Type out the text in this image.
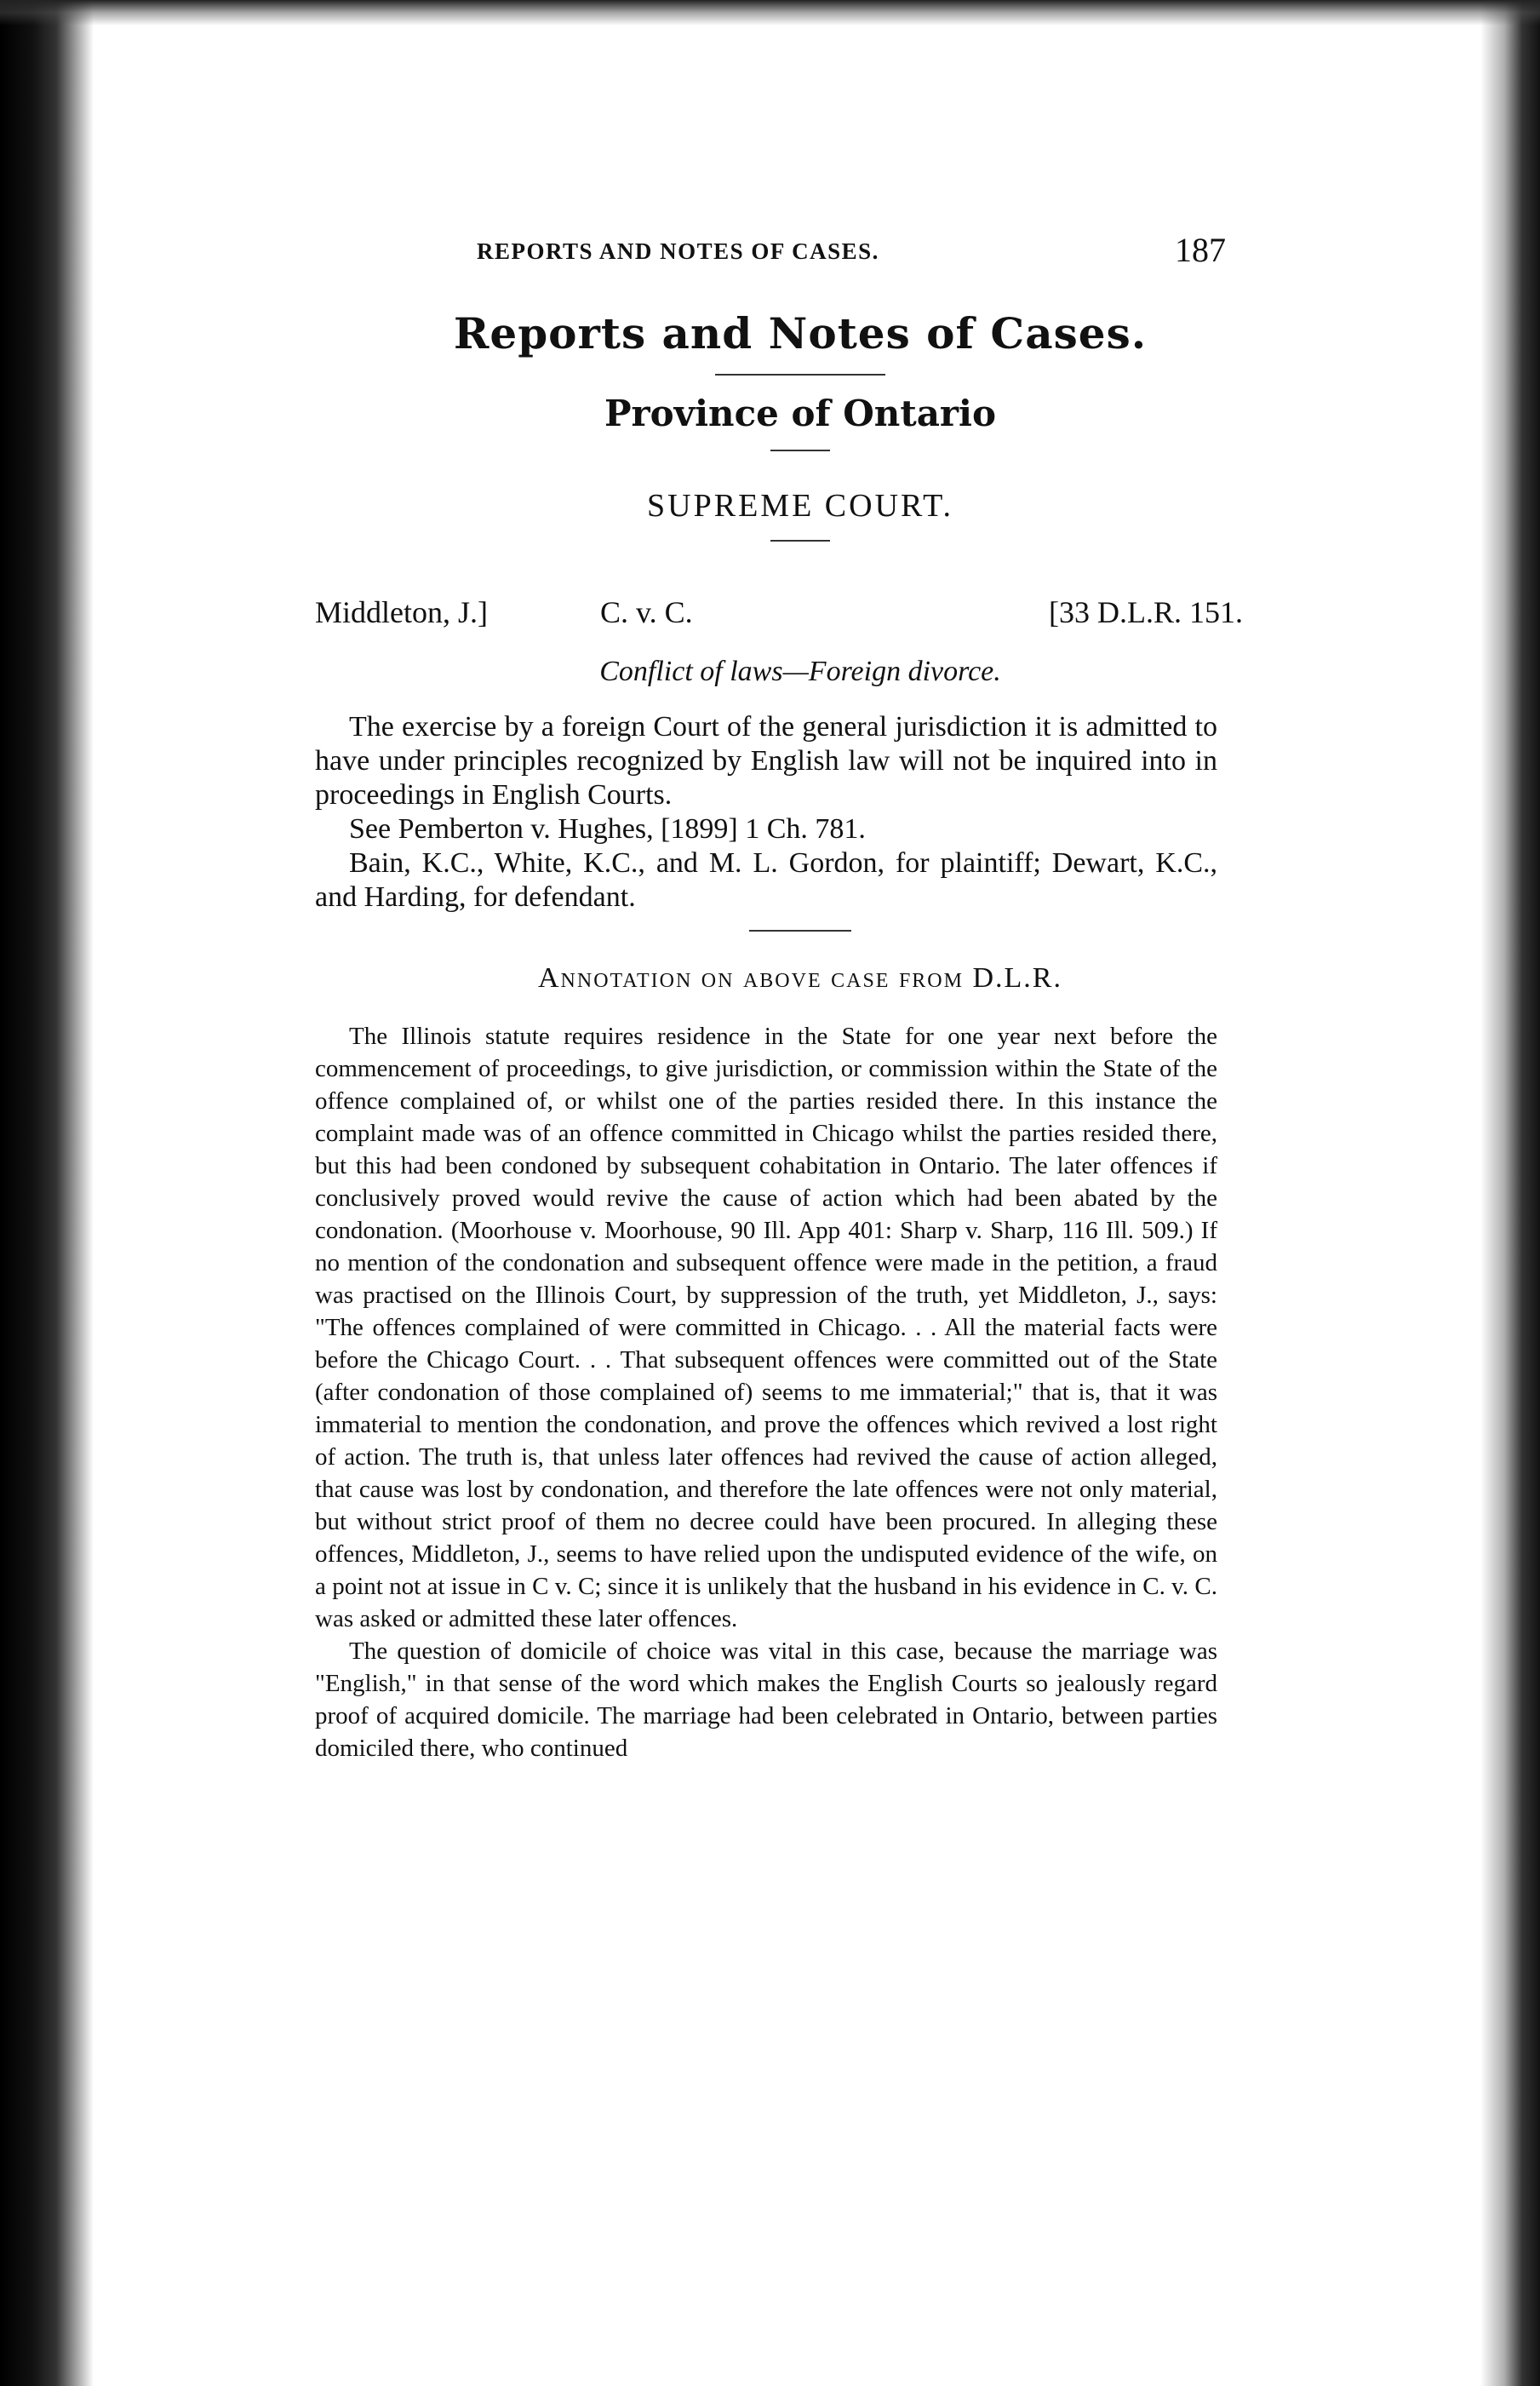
REPORTS AND NOTES OF CASES.	187
Reports and Notes of Cases.
Province of Ontario
SUPREME COURT.
Middleton, J.]	C. v. C.	[33 D.L.R. 151.
Conflict of laws—Foreign divorce.
The exercise by a foreign Court of the general jurisdiction it is admitted to have under principles recognized by English law will not be inquired into in proceedings in English Courts.
See Pemberton v. Hughes, [1899] 1 Ch. 781.
Bain, K.C., White, K.C., and M. L. Gordon, for plaintiff; Dewart, K.C., and Harding, for defendant.
Annotation on above case from D.L.R.

The Illinois statute requires residence in the State for one year next before the commencement of proceedings, to give jurisdiction, or commission within the State of the offence complained of, or whilst one of the parties resided there. In this instance the complaint made was of an offence committed in Chicago whilst the parties resided there, but this had been condoned by subsequent cohabitation in Ontario. The later offences if conclusively proved would revive the cause of action which had been abated by the condonation. (Moorhouse v. Moorhouse, 90 Ill. App 401: Sharp v. Sharp, 116 Ill. 509.) If no mention of the condonation and subsequent offence were made in the petition, a fraud was practised on the Illinois Court, by suppression of the truth, yet Middleton, J., says: "The offences complained of were committed in Chicago. . . All the material facts were before the Chicago Court. . . That subsequent offences were committed out of the State (after condonation of those complained of) seems to me immaterial;" that is, that it was immaterial to mention the condonation, and prove the offences which revived a lost right of action. The truth is, that unless later offences had revived the cause of action alleged, that cause was lost by condonation, and therefore the late offences were not only material, but without strict proof of them no decree could have been procured. In alleging these offences, Middleton, J., seems to have relied upon the undisputed evidence of the wife, on a point not at issue in C v. C; since it is unlikely that the husband in his evidence in C. v. C. was asked or admitted these later offences.

The question of domicile of choice was vital in this case, because the marriage was "English," in that sense of the word which makes the English Courts so jealously regard proof of acquired domicile. The marriage had been celebrated in Ontario, between parties domiciled there, who continued
